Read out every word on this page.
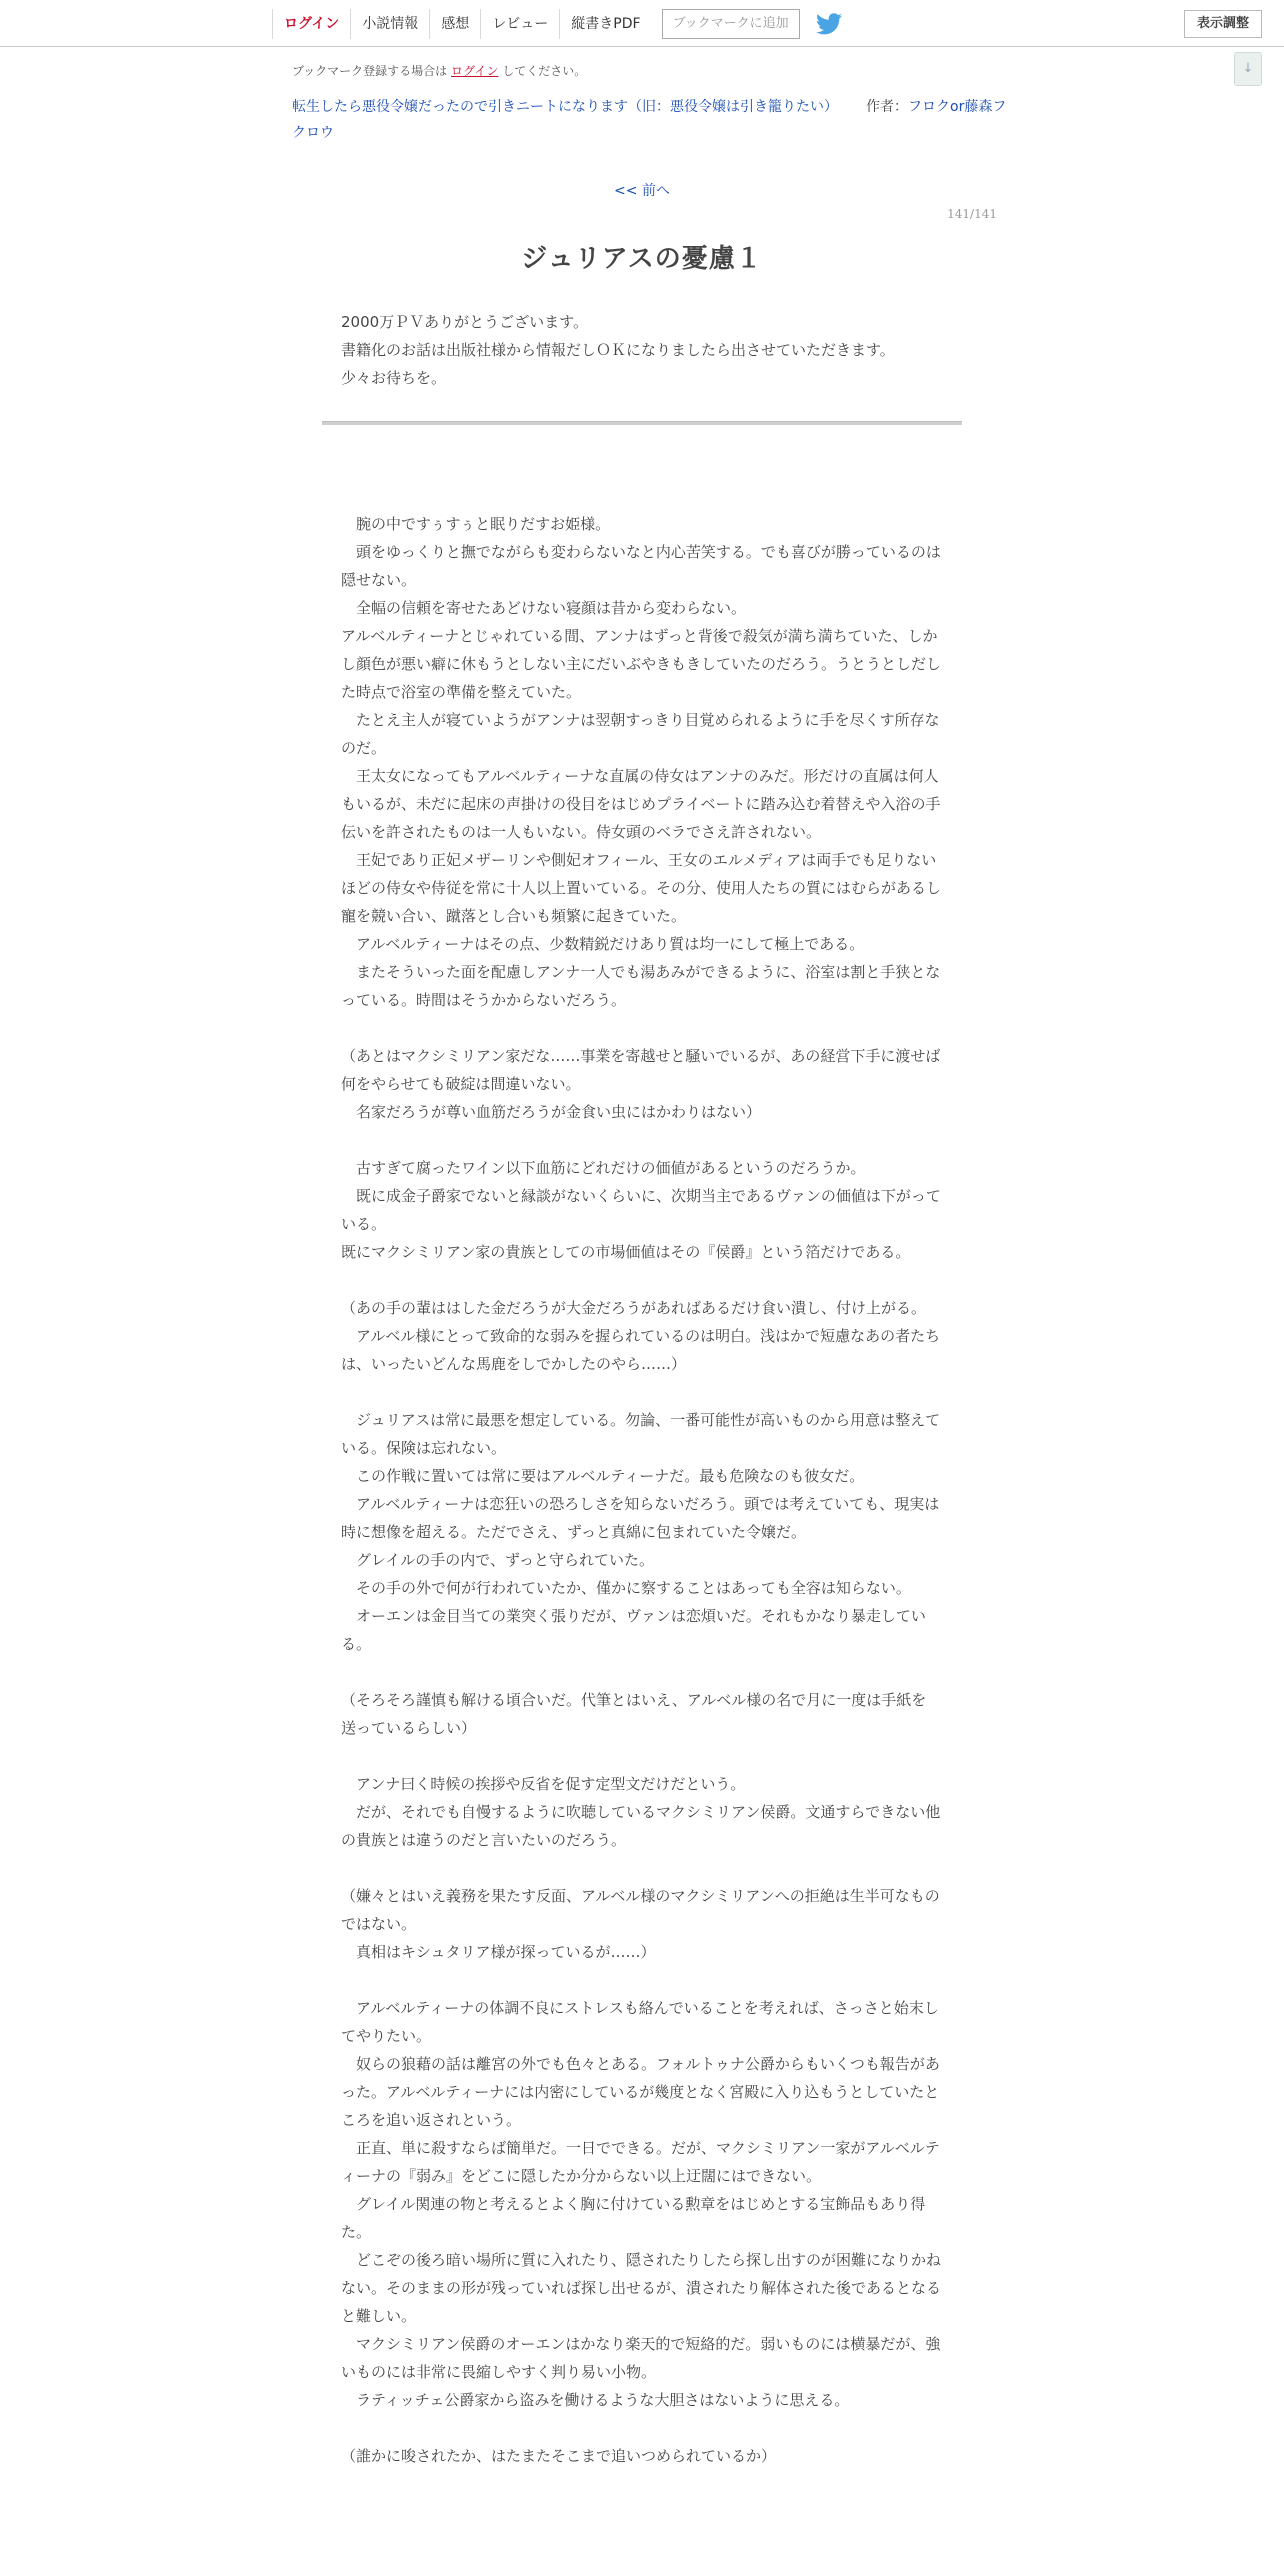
ログイン	小説情報	感想	レビュー	縦書きPDF	ブックマークに追加	表示調整
↓
ブックマーク登録する場合は ログイン してください。
転生したら悪役令嬢だったので引きニートになります（旧：悪役令嬢は引き籠りたい） 作者：フロクor藤森フクロウ
<< 前へ
141/141
ジュリアスの憂慮１

2000万ＰＶありがとうございます。

書籍化のお話は出版社様から情報だしＯＫになりましたら出させていただきます。

少々お待ちを。

　腕の中ですぅすぅと眠りだすお姫様。

　頭をゆっくりと撫でながらも変わらないなと内心苦笑する。でも喜びが勝っているのは隠せない。

　全幅の信頼を寄せたあどけない寝顔は昔から変わらない。

アルベルティーナとじゃれている間、アンナはずっと背後で殺気が満ち満ちていた、しかし顔色が悪い癖に休もうとしない主にだいぶやきもきしていたのだろう。うとうとしだした時点で浴室の準備を整えていた。

　たとえ主人が寝ていようがアンナは翌朝すっきり目覚められるように手を尽くす所存なのだ。

　王太女になってもアルベルティーナな直属の侍女はアンナのみだ。形だけの直属は何人もいるが、未だに起床の声掛けの役目をはじめプライベートに踏み込む着替えや入浴の手伝いを許されたものは一人もいない。侍女頭のベラでさえ許されない。

　王妃であり正妃メザーリンや側妃オフィール、王女のエルメディアは両手でも足りないほどの侍女や侍従を常に十人以上置いている。その分、使用人たちの質にはむらがあるし寵を競い合い、蹴落とし合いも頻繁に起きていた。

　アルベルティーナはその点、少数精鋭だけあり質は均一にして極上である。

　またそういった面を配慮しアンナ一人でも湯あみができるように、浴室は割と手狭となっている。時間はそうかからないだろう。

（あとはマクシミリアン家だな……事業を寄越せと騒いでいるが、あの経営下手に渡せば何をやらせても破綻は間違いない。

　名家だろうが尊い血筋だろうが金食い虫にはかわりはない）

　古すぎて腐ったワイン以下血筋にどれだけの価値があるというのだろうか。

　既に成金子爵家でないと縁談がないくらいに、次期当主であるヴァンの価値は下がっている。

既にマクシミリアン家の貴族としての市場価値はその『侯爵』という箔だけである。

（あの手の輩ははした金だろうが大金だろうがあればあるだけ食い潰し、付け上がる。

　アルベル様にとって致命的な弱みを握られているのは明白。浅はかで短慮なあの者たちは、いったいどんな馬鹿をしでかしたのやら……）

　ジュリアスは常に最悪を想定している。勿論、一番可能性が高いものから用意は整えている。保険は忘れない。

　この作戦に置いては常に要はアルベルティーナだ。最も危険なのも彼女だ。

　アルベルティーナは恋狂いの恐ろしさを知らないだろう。頭では考えていても、現実は時に想像を超える。ただでさえ、ずっと真綿に包まれていた令嬢だ。

　グレイルの手の内で、ずっと守られていた。

　その手の外で何が行われていたか、僅かに察することはあっても全容は知らない。

　オーエンは金目当ての業突く張りだが、ヴァンは恋煩いだ。それもかなり暴走している。

（そろそろ謹慎も解ける頃合いだ。代筆とはいえ、アルベル様の名で月に一度は手紙を送っているらしい）

　アンナ曰く時候の挨拶や反省を促す定型文だけだという。

　だが、それでも自慢するように吹聴しているマクシミリアン侯爵。文通すらできない他の貴族とは違うのだと言いたいのだろう。

（嫌々とはいえ義務を果たす反面、アルベル様のマクシミリアンへの拒絶は生半可なものではない。

　真相はキシュタリア様が探っているが……）

　アルベルティーナの体調不良にストレスも絡んでいることを考えれば、さっさと始末してやりたい。

　奴らの狼藉の話は離宮の外でも色々とある。フォルトゥナ公爵からもいくつも報告があった。アルベルティーナには内密にしているが幾度となく宮殿に入り込もうとしていたところを追い返されという。

　正直、単に殺すならば簡単だ。一日でできる。だが、マクシミリアン一家がアルベルティーナの『弱み』をどこに隠したか分からない以上迂闊にはできない。

　グレイル関連の物と考えるとよく胸に付けている勲章をはじめとする宝飾品もあり得た。

　どこぞの後ろ暗い場所に質に入れたり、隠されたりしたら探し出すのが困難になりかねない。そのままの形が残っていれば探し出せるが、潰されたり解体された後であるとなると難しい。

　マクシミリアン侯爵のオーエンはかなり楽天的で短絡的だ。弱いものには横暴だが、強いものには非常に畏縮しやすく判り易い小物。

　ラティッチェ公爵家から盗みを働けるような大胆さはないように思える。

（誰かに唆されたか、はたまたそこまで追いつめられているか）
